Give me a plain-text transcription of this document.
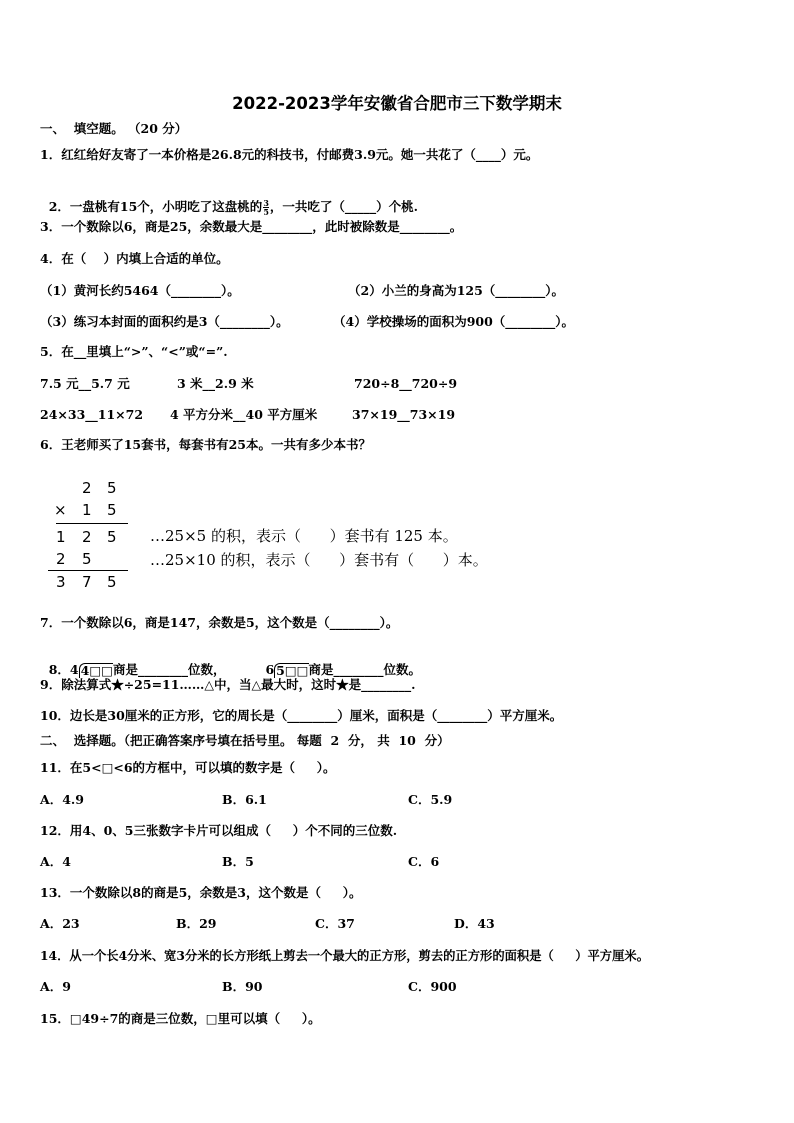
2022-2023学年安徽省合肥市三下数学期末
一、  填空题。 （20 分）
1．红红给好友寄了一本价格是26.8元的科技书，付邮费3.9元。她一共花了（____）元。

2．一盘桃有15个，小明吃了这盘桃的 $\frac{3}{5}$ ，一共吃了（_____）个桃.

3．一个数除以6，商是25，余数最大是________，此时被除数是________。
4．在（    ）内填上合适的单位。
（1）黄河长约5464（________）。	（2）小兰的身高为125（________）。
（3）练习本封面的面积约是3（________）。	（4）学校操场的面积为900（________）。
5．在__里填上“>”、“<”或“=”.
7.5 元__5.7 元	3 米__2.9 米	720÷8__720÷9
24×33__11×72 4 平方分米__40 平方厘米	37×19__73×19
6．王老师买了15套书，每套书有25本。一共有多少本书？
2 5
× 1 5
1 2 5
2 5
3 7 5
…25×5 的积，表示（      ）套书有 125 本。
…25×10 的积，表示（      ）套书有（      ）本。
7．一个数除以6，商是147，余数是5，这个数是（________）。

8．4 4□□商是________位数，	6 5□□商是________位数。

9．除法算式★÷25=11……△中，当△最大时，这时★是________.
10．边长是30厘米的正方形，它的周长是（________）厘米，面积是（________）平方厘米。
二、  选择题。（把正确答案序号填在括号里。 每题  2  分， 共  10  分）
11．在5<□<6的方框中，可以填的数字是（     ）。
A．4.9	B．6.1	C．5.9
12．用4、0、5三张数字卡片可以组成（     ）个不同的三位数.
A．4	B．5	C．6
13．一个数除以8的商是5，余数是3，这个数是（     ）。
A．23	B．29	C．37	D．43
14．从一个长4分米、宽3分米的长方形纸上剪去一个最大的正方形，剪去的正方形的面积是（     ）平方厘米。
A．9	B．90	C．900
15．□49÷7的商是三位数，□里可以填（     ）。
